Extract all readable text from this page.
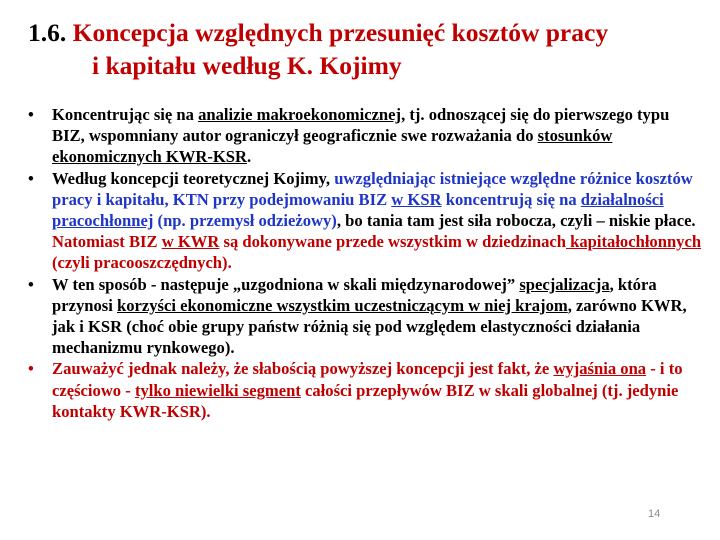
1.6. Koncepcja względnych przesunięć kosztów pracy
i kapitału według K. Kojimy

• Koncentrując się na analizie makroekonomicznej, tj. odnoszącej się do pierwszego typu BIZ, wspomniany autor ograniczył geograficznie swe rozważania do stosunków ekonomicznych KWR-KSR.

• Według koncepcji teoretycznej Kojimy, uwzględniając istniejące względne różnice kosztów pracy i kapitału, KTN przy podejmowaniu BIZ w KSR koncentrują się na działalności pracochłonnej (np. przemysł odzieżowy), bo tania tam jest siła robocza, czyli – niskie płace. Natomiast BIZ w KWR są dokonywane przede wszystkim w dziedzinach kapitałochłonnych (czyli pracooszczędnych).

• W ten sposób - następuje „uzgodniona w skali międzynarodowej” specjalizacja, która przynosi korzyści ekonomiczne wszystkim uczestniczącym w niej krajom, zarówno KWR, jak i KSR (choć obie grupy państw różnią się pod względem elastyczności działania mechanizmu rynkowego).

• Zauważyć jednak należy, że słabością powyższej koncepcji jest fakt, że wyjaśnia ona - i to częściowo - tylko niewielki segment całości przepływów BIZ w skali globalnej (tj. jedynie kontakty KWR-KSR).

14
